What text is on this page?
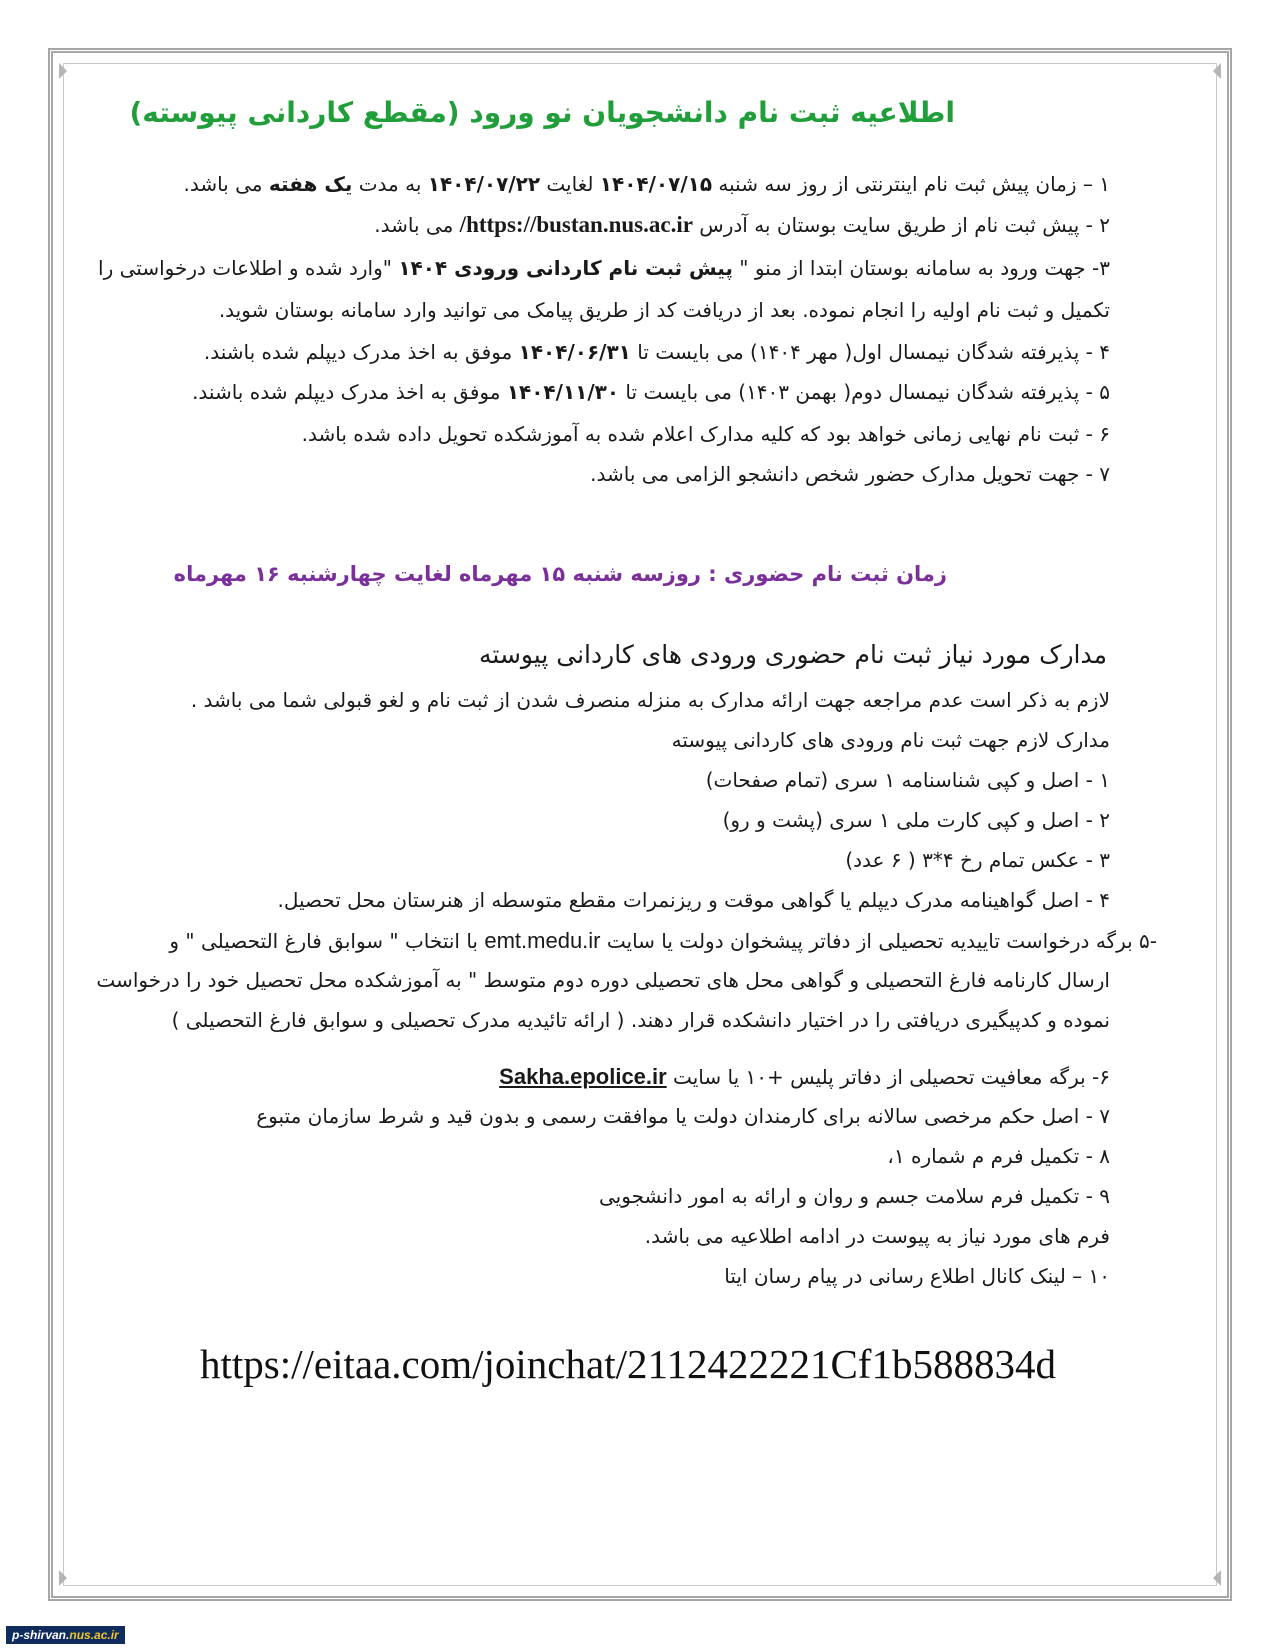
اطلاعیه ثبت نام دانشجویان نو ورود (مقطع کاردانی پیوسته)
۱ – زمان پیش ثبت نام اینترنتی از روز سه شنبه ۱۴۰۴/۰۷/۱۵ لغایت ۱۴۰۴/۰۷/۲۲ به مدت یک هفته می باشد.
۲ - پیش ثبت نام از طریق سایت بوستان به آدرس https://bustan.nus.ac.ir/ می باشد.
۳- جهت ورود به سامانه بوستان ابتدا از منو " پیش ثبت نام کاردانی ورودی ۱۴۰۴ "وارد شده و اطلاعات درخواستی را
تکمیل و ثبت نام اولیه را انجام نموده. بعد از دریافت کد از طریق پیامک می توانید وارد سامانه بوستان شوید.
۴ - پذیرفته شدگان نیمسال اول( مهر ۱۴۰۴) می بایست تا ۱۴۰۴/۰۶/۳۱ موفق به اخذ مدرک دیپلم شده باشند.
۵ - پذیرفته شدگان نیمسال دوم( بهمن ۱۴۰۳) می بایست تا ۱۴۰۴/۱۱/۳۰ موفق به اخذ مدرک دیپلم شده باشند.
۶ - ثبت نام نهایی زمانی خواهد بود که کلیه مدارک اعلام شده به آموزشکده تحویل داده شده باشد.
۷ - جهت تحویل مدارک حضور شخص دانشجو الزامی می باشد.
زمان ثبت نام حضوری : روزسه شنبه ۱۵ مهرماه لغایت چهارشنبه ۱۶ مهرماه
مدارک مورد نیاز ثبت نام حضوری ورودی های کاردانی پیوسته
لازم به ذکر است عدم مراجعه جهت ارائه مدارک به منزله منصرف شدن از ثبت نام و لغو قبولی شما می باشد .
مدارک لازم جهت ثبت نام ورودی های کاردانی پیوسته
۱ - اصل و کپی شناسنامه ۱ سری (تمام صفحات)
۲ - اصل و کپی کارت ملی ۱ سری (پشت و رو)
۳ - عکس تمام رخ ۴*۳ ( ۶ عدد)
۴ - اصل گواهینامه مدرک دیپلم یا گواهی موقت و ریزنمرات مقطع متوسطه از هنرستان محل تحصیل.
-۵ برگه درخواست تاییدیه تحصیلی از دفاتر پیشخوان دولت یا سایت emt.medu.ir با انتخاب " سوابق فارغ التحصیلی " و
ارسال کارنامه فارغ التحصیلی و گواهی محل های تحصیلی دوره دوم متوسط " به آموزشکده محل تحصیل خود را درخواست
نموده و کدپیگیری دریافتی را در اختیار دانشکده قرار دهند. ( ارائه تائیدیه مدرک تحصیلی و سوابق فارغ التحصیلی )
۶- برگه معافیت تحصیلی از دفاتر پلیس +۱۰ یا سایت Sakha.epolice.ir
۷ - اصل حکم مرخصی سالانه برای کارمندان دولت یا موافقت رسمی و بدون قید و شرط سازمان متبوع
۸ - تکمیل فرم م شماره ۱،
۹ - تکمیل فرم سلامت جسم و روان و ارائه به امور دانشجویی
فرم های مورد نیاز به پیوست در ادامه اطلاعیه می باشد.
۱۰ – لینک کانال اطلاع رسانی در پیام رسان ایتا
https://eitaa.com/joinchat/2112422221Cf1b588834d
p-shirvan.nus.ac.ir
